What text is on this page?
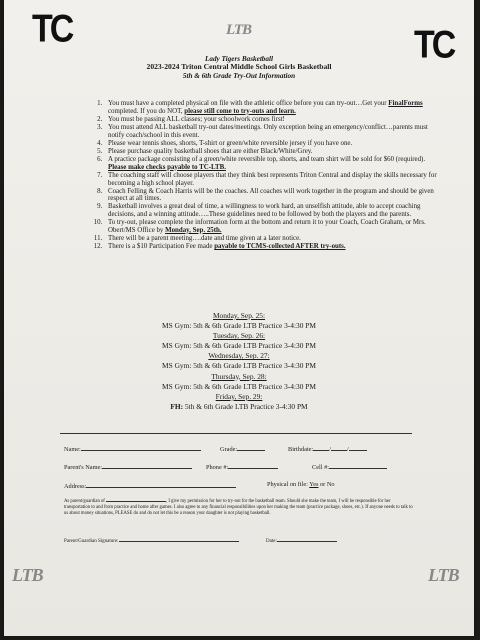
TC	TC
LTB
LTB	LTB
Lady Tigers Basketball
2023-2024 Triton Central Middle School Girls Basketball
5th & 6th Grade Try-Out Information
1. You must have a completed physical on file with the athletic office before you can try-out…Get your FinalForms completed. If you do NOT, please still come to try-outs and learn.
2. You must be passing ALL classes; your schoolwork comes first!
3. You must attend ALL basketball try-out dates/meetings. Only exception being an emergency/conflict…parents must notify coach/school in this event.
4. Please wear tennis shoes, shorts, T-shirt or green/white reversible jersey if you have one.
5. Please purchase quality basketball shoes that are either Black/White/Grey.
6. A practice package consisting of a green/white reversible top, shorts, and team shirt will be sold for $60 (required). Please make checks payable to TC-LTB.
7. The coaching staff will choose players that they think best represents Triton Central and display the skills necessary for becoming a high school player.
8. Coach Felling & Coach Harris will be the coaches. All coaches will work together in the program and should be given respect at all times.
9. Basketball involves a great deal of time, a willingness to work hard, an unselfish attitude, able to accept coaching decisions, and a winning attitude…..These guidelines need to be followed by both the players and the parents.
10. To try-out, please complete the information form at the bottom and return it to your Coach, Coach Graham, or Mrs. Obert/MS Office by Monday, Sep. 25th.
11. There will be a parent meeting….date and time given at a later notice.
12. There is a $10 Participation Fee made payable to TCMS-collected AFTER try-outs.
Monday, Sep. 25:
MS Gym: 5th & 6th Grade LTB Practice 3-4:30 PM
Tuesday, Sep. 26:
MS Gym: 5th & 6th Grade LTB Practice 3-4:30 PM
Wednesday, Sep. 27:
MS Gym: 5th & 6th Grade LTB Practice 3-4:30 PM
Thursday, Sep. 28:
MS Gym: 5th & 6th Grade LTB Practice 3-4:30 PM
Friday, Sep. 29:
FH: 5th & 6th Grade LTB Practice 3-4:30 PM
Name:	Grade:	Birthdate:	/	/
Parent's Name:	Phone #:	Cell #:
Address:	Physical on file: Yes or No
As parent/guardian of	, I give my permission for her to try-out for the basketball team. Should she make the team, I will be responsible for her transportation to and from practice and home after games. I also agree to any financial responsibilities upon her making the team (practice package, shoes, etc.). If anyone needs to talk to us about money situations, PLEASE do and do not let this be a reason your daughter is not playing basketball.
Parent/Guardian Signature:	Date:
